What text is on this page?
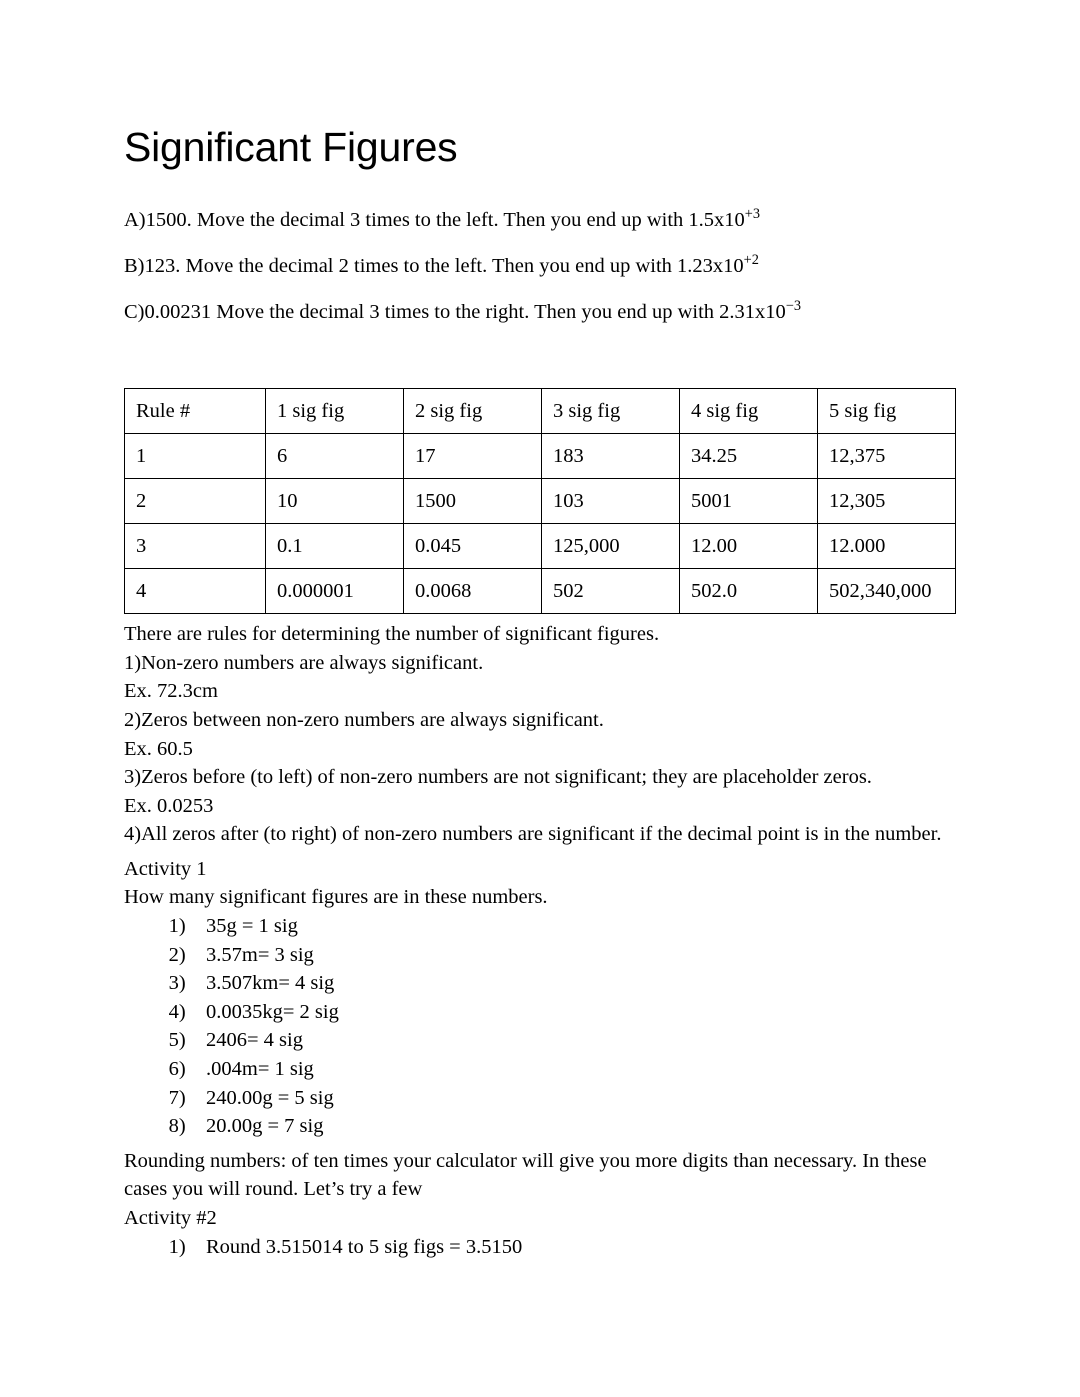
Significant Figures

A)1500. Move the decimal 3 times to the left. Then you end up with $1.5x10^{+3}$

B)123. Move the decimal 2 times to the left. Then you end up with $1.23x10^{+2}$

C)0.00231 Move the decimal 3 times to the right. Then you end up with $2.31x10^{-3}$

Rule #	1 sig fig	2 sig fig	3 sig fig	4 sig fig	5 sig fig
1	6	17	183	34.25	12,375
2	10	1500	103	5001	12,305
3	0.1	0.045	125,000	12.00	12.000
4	0.000001	0.0068	502	502.0	502,340,000

There are rules for determining the number of significant figures.

1)Non-zero numbers are always significant.

Ex. 72.3cm

2)Zeros between non-zero numbers are always significant.

Ex. 60.5

3)Zeros before (to left) of non-zero numbers are not significant; they are placeholder zeros.

Ex. 0.0253

4)All zeros after (to right) of non-zero numbers are significant if the decimal point is in the number.

Activity 1

How many significant figures are in these numbers.

1. 35g = 1 sig
2. 3.57m= 3 sig
3. 3.507km= 4 sig
4. 0.0035kg= 2 sig
5. 2406= 4 sig
6. .004m= 1 sig
7. 240.00g = 5 sig
8. 20.00g = 7 sig

Rounding numbers: of ten times your calculator will give you more digits than necessary. In these cases you will round. Let’s try a few

Activity #2

1. Round 3.515014 to 5 sig figs = 3.5150
